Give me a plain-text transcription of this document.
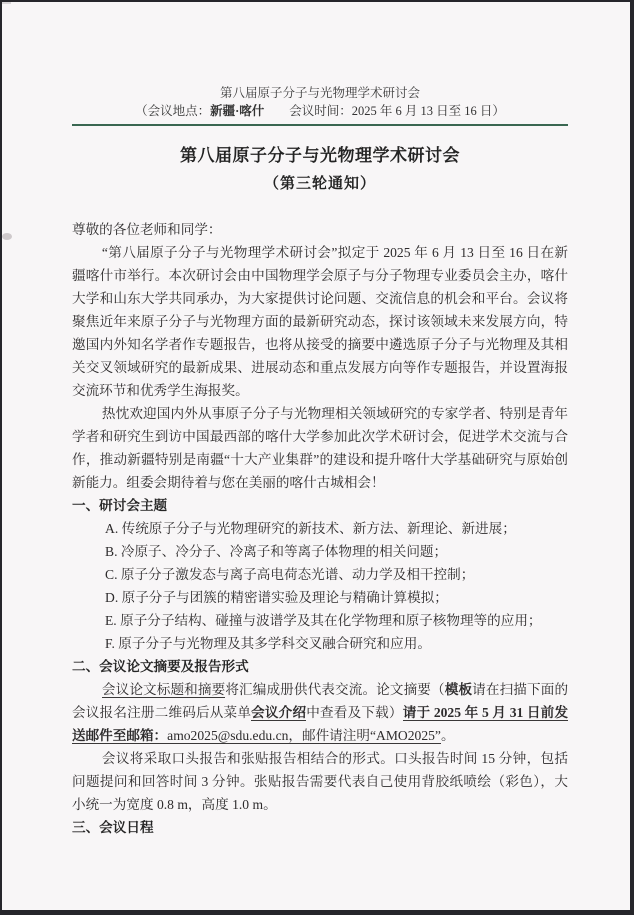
第八届原子分子与光物理学术研讨会
（会议地点：新疆·喀什　　 会议时间：2025 年 6 月 13 日至 16 日）
第八届原子分子与光物理学术研讨会
（第三轮通知）

尊敬的各位老师和同学：

“第八届原子分子与光物理学术研讨会”拟定于 2025 年 6 月 13 日至 16 日在新疆喀什市举行。本次研讨会由中国物理学会原子与分子物理专业委员会主办，喀什大学和山东大学共同承办，为大家提供讨论问题、交流信息的机会和平台。会议将聚焦近年来原子分子与光物理方面的最新研究动态，探讨该领域未来发展方向，特邀国内外知名学者作专题报告，也将从接受的摘要中遴选原子分子与光物理及其相关交叉领域研究的最新成果、进展动态和重点发展方向等作专题报告，并设置海报交流环节和优秀学生海报奖。

热忱欢迎国内外从事原子分子与光物理相关领域研究的专家学者、特别是青年学者和研究生到访中国最西部的喀什大学参加此次学术研讨会，促进学术交流与合作，推动新疆特别是南疆“十大产业集群”的建设和提升喀什大学基础研究与原始创新能力。组委会期待着与您在美丽的喀什古城相会！

一、研讨会主题

A. 传统原子分子与光物理研究的新技术、新方法、新理论、新进展；

B. 冷原子、冷分子、冷离子和等离子体物理的相关问题；

C. 原子分子激发态与离子高电荷态光谱、动力学及相干控制；

D. 原子分子与团簇的精密谱实验及理论与精确计算模拟；

E. 原子分子结构、碰撞与波谱学及其在化学物理和原子核物理等的应用；

F. 原子分子与光物理及其多学科交叉融合研究和应用。

二、会议论文摘要及报告形式

会议论文标题和摘要将汇编成册供代表交流。论文摘要（模板请在扫描下面的会议报名注册二维码后从菜单会议介绍中查看及下载）请于 2025 年 5 月 31 日前发送邮件至邮箱：amo2025@sdu.edu.cn，邮件请注明“AMO2025”。

会议将采取口头报告和张贴报告相结合的形式。口头报告时间 15 分钟，包括问题提问和回答时间 3 分钟。张贴报告需要代表自己使用背胶纸喷绘（彩色），大小统一为宽度 0.8 m，高度 1.0 m。

三、会议日程
